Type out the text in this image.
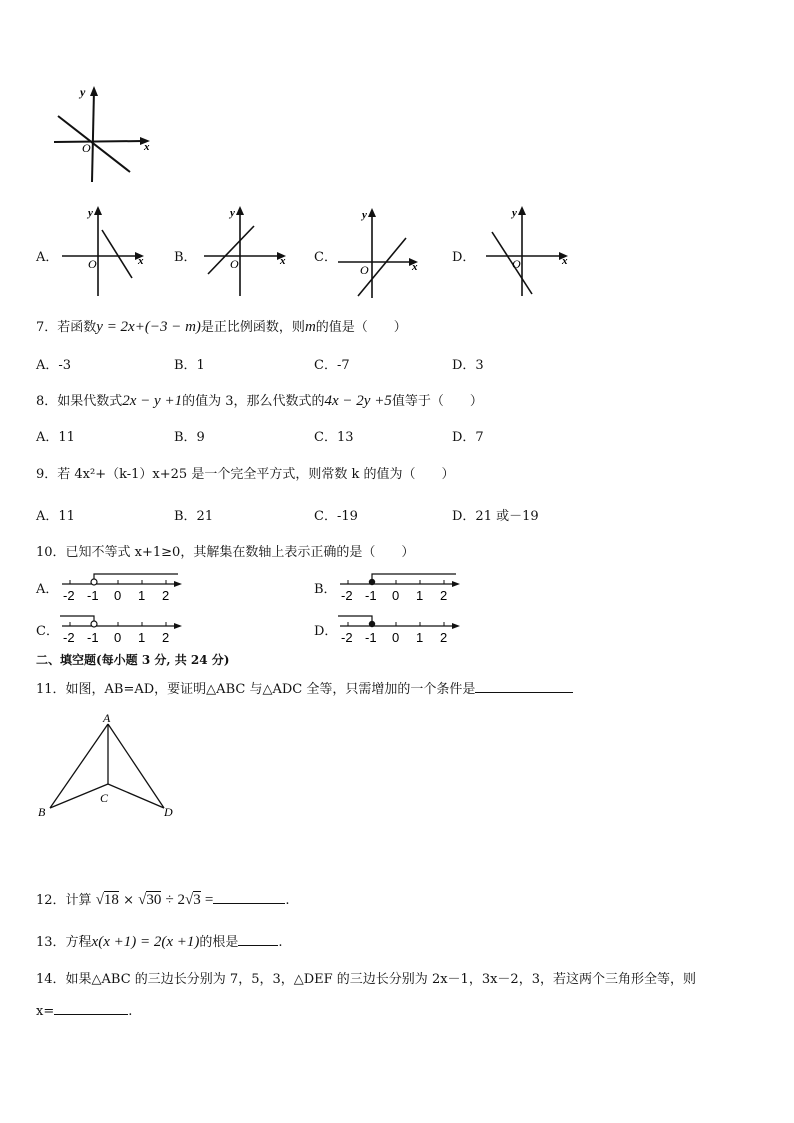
y
x
O
A．
y
x
O	B．
y
x
O	C．
y
x
O
D．
y
x
O
7．若函数y = 2x+(−3 − m)是正比例函数，则m的值是（　　）
A．-3	B．1	C．-7	D．3
8．如果代数式2x − y +1的值为 3，那么代数式的4x − 2y +5值等于（　　）
A．11	B．9	C．13	D．7
9．若 4x²+（k-1）x+25 是一个完全平方式，则常数 k 的值为（　　）
A．11	B．21	C．-19	D．21 或－19
10．已知不等式 x+1≥0，其解集在数轴上表示正确的是（　　）
A． -2 -1 0 1 2	B． -2 -1 0 1 2
C． -2 -1 0 1 2	D． -2 -1 0 1 2
二、填空题(每小题 3 分, 共 24 分)
11．如图，AB=AD，要证明△ABC 与△ADC 全等，只需增加的一个条件是
A
B
C
D
12．计算 √18 × √30 ÷ 2√3 =	.
13．方程x(x +1) = 2(x +1)的根是	.
14．如果△ABC 的三边长分别为 7，5，3，△DEF 的三边长分别为 2x－1，3x－2，3，若这两个三角形全等，则
x=	.
